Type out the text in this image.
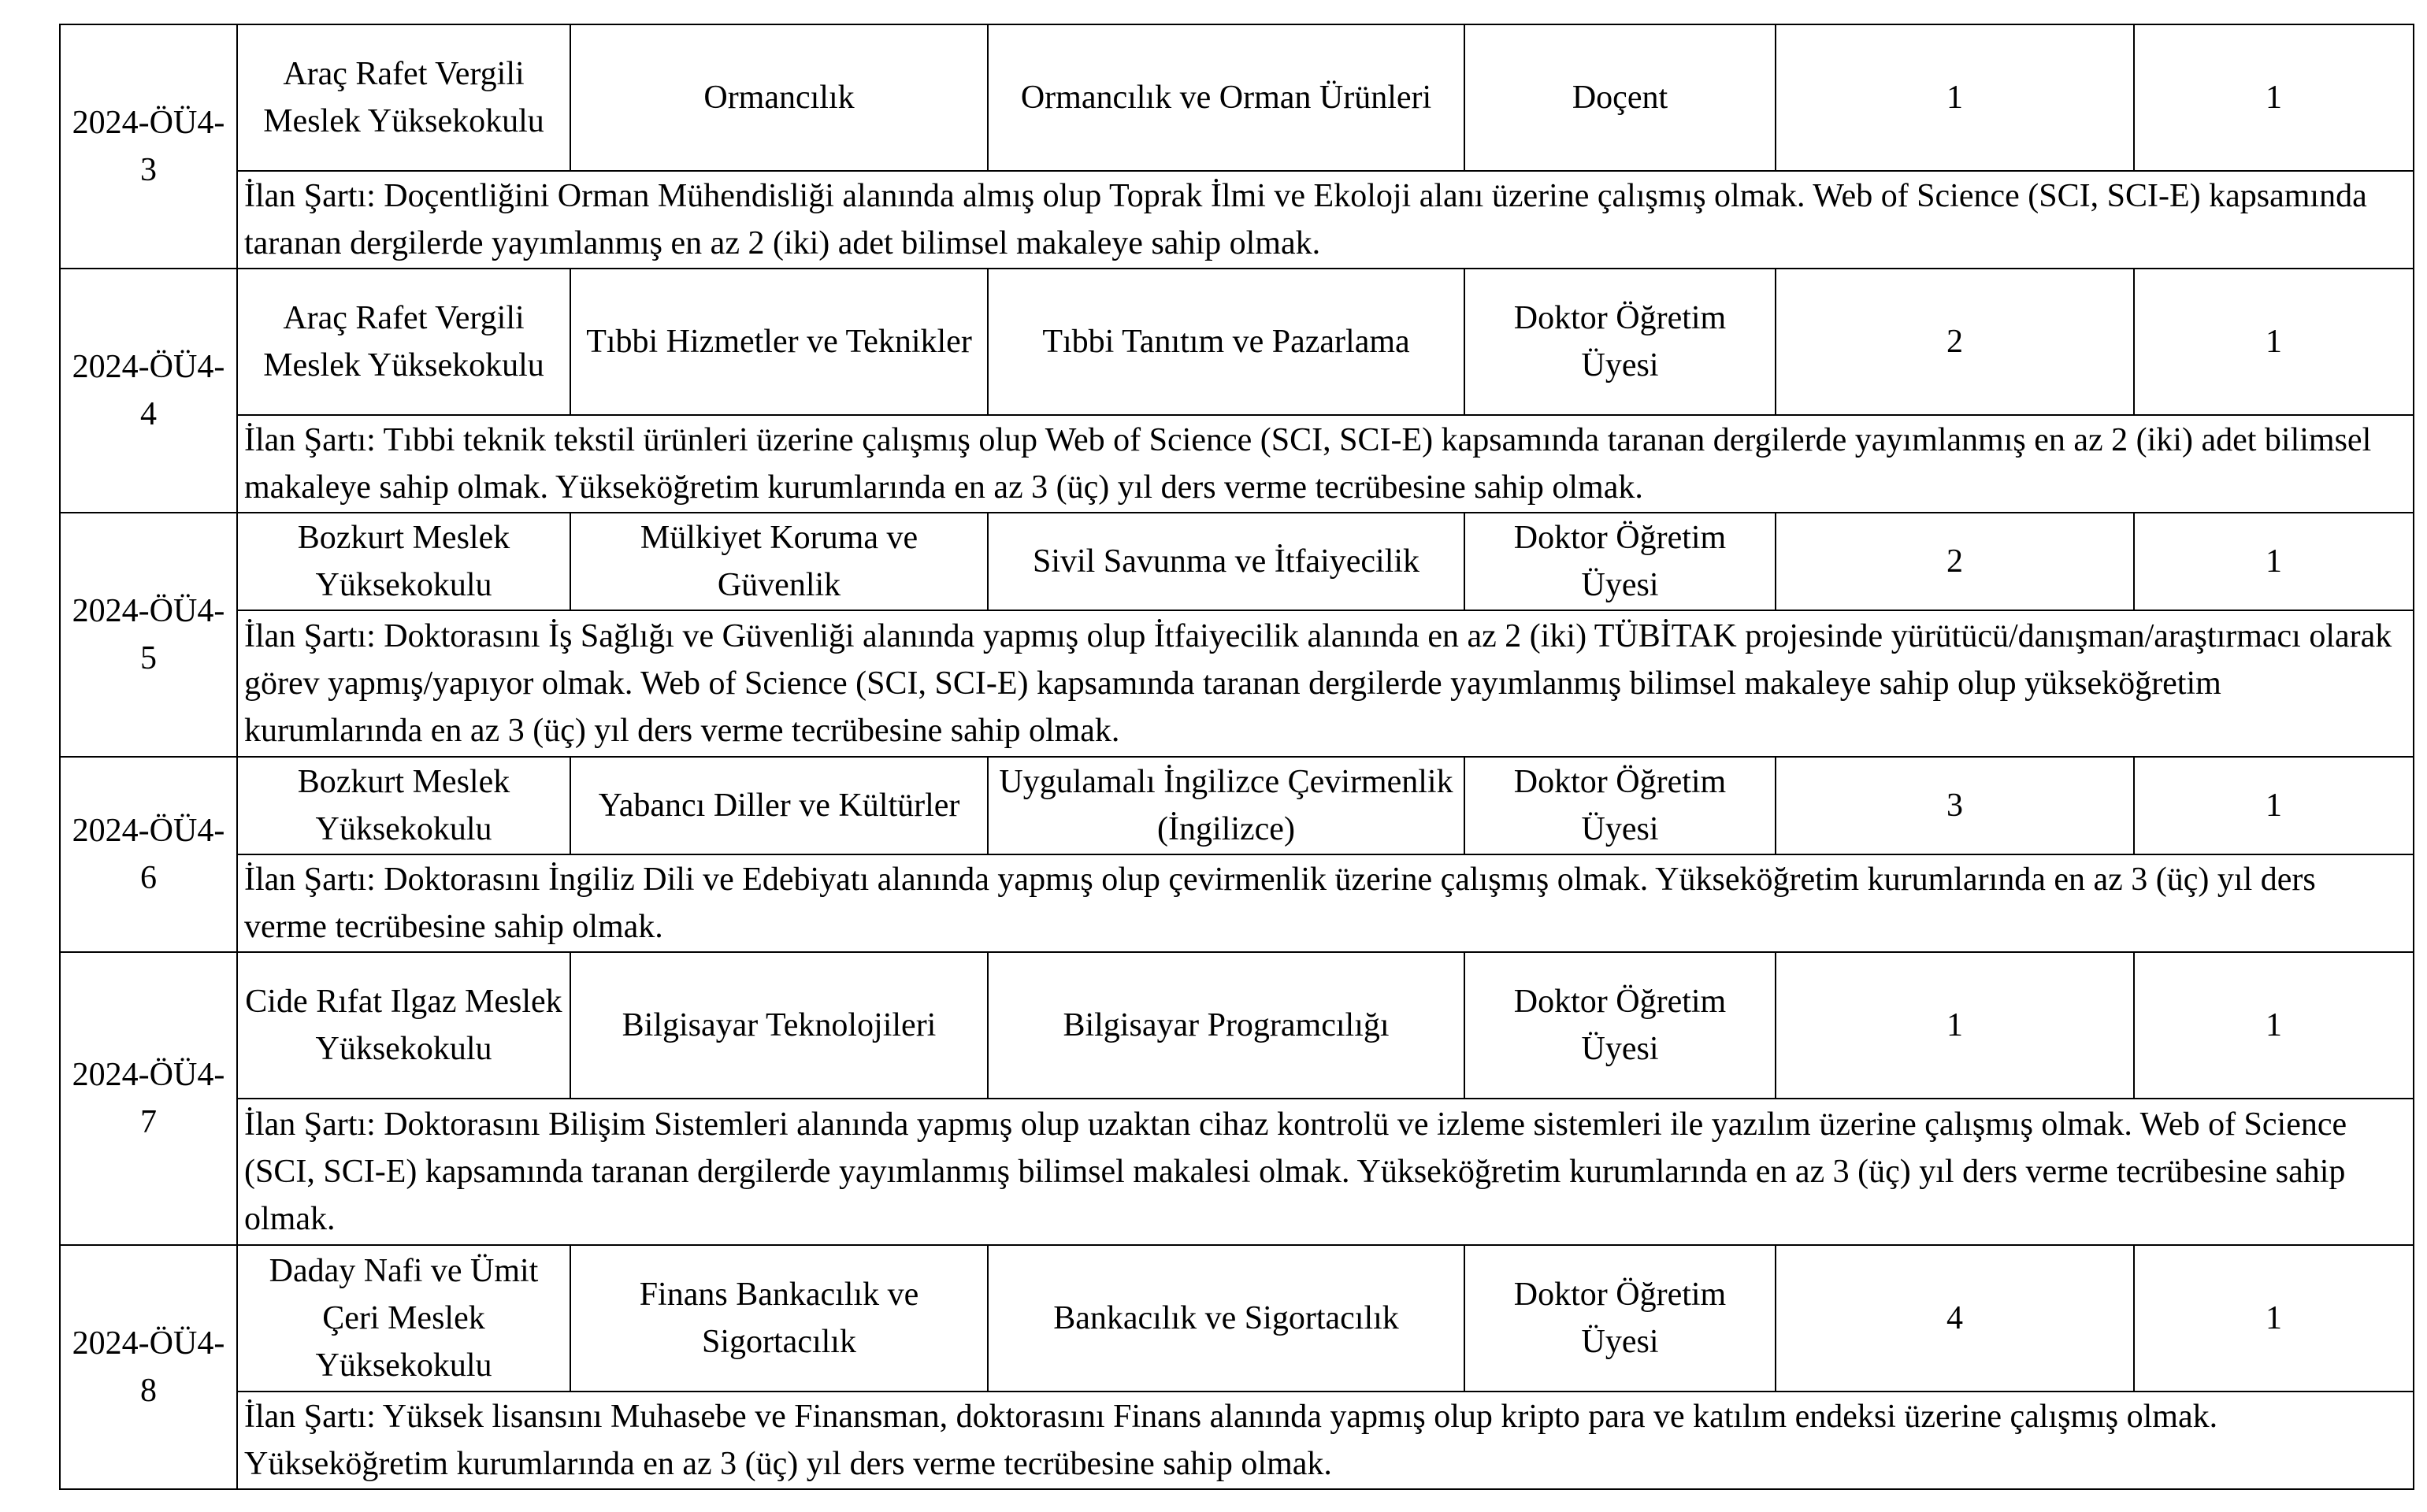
2024-ÖÜ4-3	Araç Rafet Vergili Meslek Yüksekokulu	Ormancılık	Ormancılık ve Orman Ürünleri	Doçent	1	1
	İlan Şartı: Doçentliğini Orman Mühendisliği alanında almış olup Toprak İlmi ve Ekoloji alanı üzerine çalışmış olmak. Web of Science (SCI, SCI-E) kapsamında taranan dergilerde yayımlanmış en az 2 (iki) adet bilimsel makaleye sahip olmak.					
2024-ÖÜ4-4	Araç Rafet Vergili Meslek Yüksekokulu	Tıbbi Hizmetler ve Teknikler	Tıbbi Tanıtım ve Pazarlama	Doktor Öğretim Üyesi	2	1
	İlan Şartı: Tıbbi teknik tekstil ürünleri üzerine çalışmış olup Web of Science (SCI, SCI-E) kapsamında taranan dergilerde yayımlanmış en az 2 (iki) adet bilimsel makaleye sahip olmak. Yükseköğretim kurumlarında en az 3 (üç) yıl ders verme tecrübesine sahip olmak.					
2024-ÖÜ4-5	Bozkurt Meslek Yüksekokulu	Mülkiyet Koruma ve Güvenlik	Sivil Savunma ve İtfaiyecilik	Doktor Öğretim Üyesi	2	1
	İlan Şartı: Doktorasını İş Sağlığı ve Güvenliği alanında yapmış olup İtfaiyecilik alanında en az 2 (iki) TÜBİTAK projesinde yürütücü/danışman/araştırmacı olarak görev yapmış/yapıyor olmak. Web of Science (SCI, SCI-E) kapsamında taranan dergilerde yayımlanmış bilimsel makaleye sahip olup yükseköğretim kurumlarında en az 3 (üç) yıl ders verme tecrübesine sahip olmak.					
2024-ÖÜ4-6	Bozkurt Meslek Yüksekokulu	Yabancı Diller ve Kültürler	Uygulamalı İngilizce Çevirmenlik (İngilizce)	Doktor Öğretim Üyesi	3	1
	İlan Şartı: Doktorasını İngiliz Dili ve Edebiyatı alanında yapmış olup çevirmenlik üzerine çalışmış olmak. Yükseköğretim kurumlarında en az 3 (üç) yıl ders verme tecrübesine sahip olmak.					
2024-ÖÜ4-7	Cide Rıfat Ilgaz Meslek Yüksekokulu	Bilgisayar Teknolojileri	Bilgisayar Programcılığı	Doktor Öğretim Üyesi	1	1
	İlan Şartı: Doktorasını Bilişim Sistemleri alanında yapmış olup uzaktan cihaz kontrolü ve izleme sistemleri ile yazılım üzerine çalışmış olmak. Web of Science (SCI, SCI-E) kapsamında taranan dergilerde yayımlanmış bilimsel makalesi olmak. Yükseköğretim kurumlarında en az 3 (üç) yıl ders verme tecrübesine sahip olmak.					
2024-ÖÜ4-8	Daday Nafi ve Ümit Çeri Meslek Yüksekokulu	Finans Bankacılık ve Sigortacılık	Bankacılık ve Sigortacılık	Doktor Öğretim Üyesi	4	1
	İlan Şartı: Yüksek lisansını Muhasebe ve Finansman, doktorasını Finans alanında yapmış olup kripto para ve katılım endeksi üzerine çalışmış olmak. Yükseköğretim kurumlarında en az 3 (üç) yıl ders verme tecrübesine sahip olmak.					
